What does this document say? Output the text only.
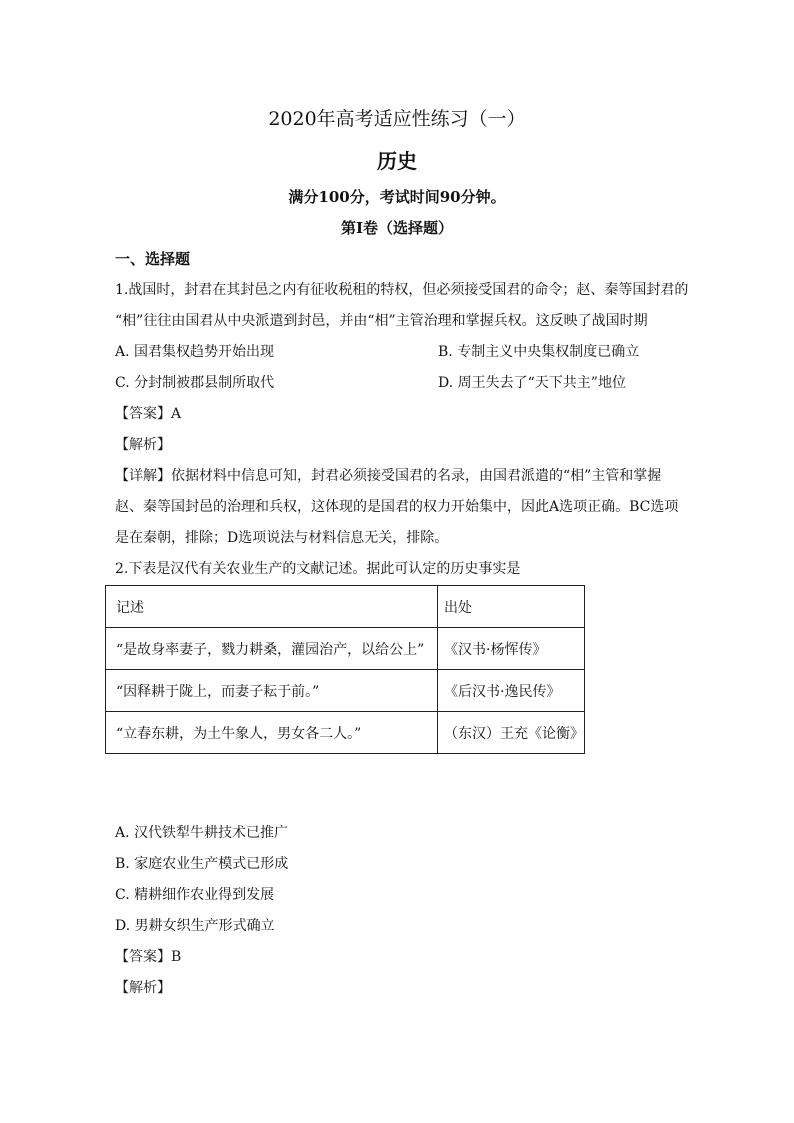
2020年高考适应性练习（一）
历史
满分100分，考试时间90分钟。
第Ⅰ卷（选择题）
一、选择题
1.战国时，封君在其封邑之内有征收税租的特权，但必须接受国君的命令；赵、秦等国封君的
“相”往往由国君从中央派遣到封邑，并由“相”主管治理和掌握兵权。这反映了战国时期
A. 国君集权趋势开始出现	B. 专制主义中央集权制度已确立
C. 分封制被郡县制所取代	D. 周王失去了“天下共主”地位
【答案】A
【解析】
【详解】依据材料中信息可知，封君必须接受国君的名录，由国君派遣的“相”主管和掌握
赵、秦等国封邑的治理和兵权，这体现的是国君的权力开始集中，因此A选项正确。BC选项
是在秦朝，排除；D选项说法与材料信息无关，排除。
2.下表是汉代有关农业生产的文献记述。据此可认定的历史事实是
记述	出处
“是故身率妻子，戮力耕桑，灌园治产，以给公上”	《汉书·杨恽传》
“因释耕于陇上，而妻子耘于前。”	《后汉书·逸民传》
“立春东耕，为土牛象人，男女各二人。”	（东汉）王充《论衡》
A. 汉代铁犁牛耕技术已推广
B. 家庭农业生产模式已形成
C. 精耕细作农业得到发展
D. 男耕女织生产形式确立
【答案】B
【解析】
